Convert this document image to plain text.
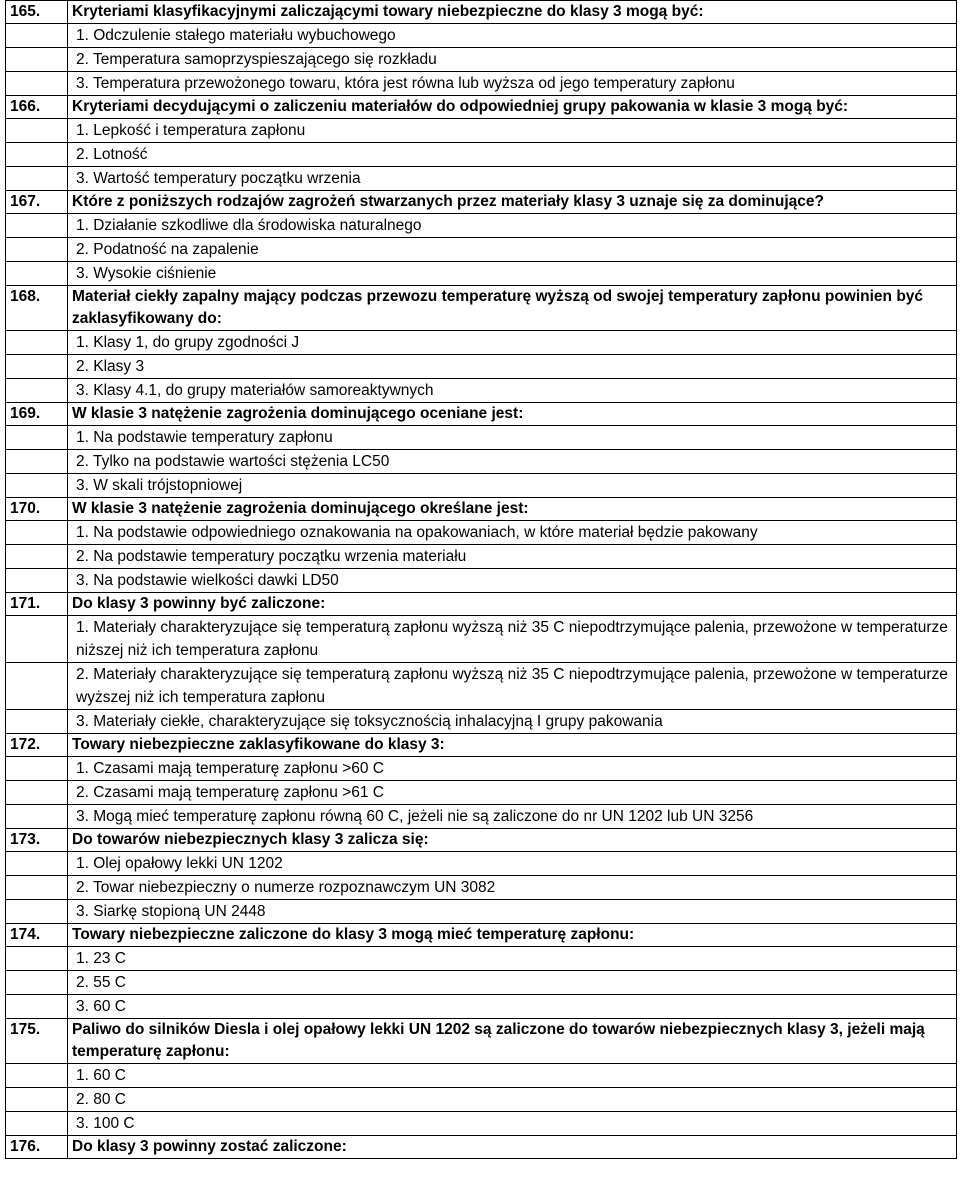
165.	Kryteriami klasyfikacyjnymi zaliczającymi towary niebezpieczne do klasy 3 mogą być:
	1. Odczulenie stałego materiału wybuchowego
	2. Temperatura samoprzyspieszającego się rozkładu
	3. Temperatura przewożonego towaru, która jest równa lub wyższa od jego temperatury zapłonu
166.	Kryteriami decydującymi o zaliczeniu materiałów do odpowiedniej grupy pakowania w klasie 3 mogą być:
	1. Lepkość i temperatura zapłonu
	2. Lotność
	3. Wartość temperatury początku wrzenia
167.	Które z poniższych rodzajów zagrożeń stwarzanych przez materiały klasy 3 uznaje się za dominujące?
	1. Działanie szkodliwe dla środowiska naturalnego
	2. Podatność na zapalenie
	3. Wysokie ciśnienie
168.	Materiał ciekły zapalny mający podczas przewozu temperaturę wyższą od swojej temperatury zapłonu powinien być zaklasyfikowany do:
	1. Klasy 1, do grupy zgodności J
	2. Klasy 3
	3. Klasy 4.1, do grupy materiałów samoreaktywnych
169.	W klasie 3 natężenie zagrożenia dominującego oceniane jest:
	1. Na podstawie temperatury zapłonu
	2. Tylko na podstawie wartości stężenia LC50
	3. W skali trójstopniowej
170.	W klasie 3 natężenie zagrożenia dominującego określane jest:
	1. Na podstawie odpowiedniego oznakowania na opakowaniach, w które materiał będzie pakowany
	2. Na podstawie temperatury początku wrzenia materiału
	3. Na podstawie wielkości dawki LD50
171.	Do klasy 3 powinny być zaliczone:
	1. Materiały charakteryzujące się temperaturą zapłonu wyższą niż 35 C niepodtrzymujące palenia, przewożone w temperaturze niższej niż ich temperatura zapłonu
	2. Materiały charakteryzujące się temperaturą zapłonu wyższą niż 35 C niepodtrzymujące palenia, przewożone w temperaturze wyższej niż ich temperatura zapłonu
	3. Materiały ciekłe, charakteryzujące się toksycznością inhalacyjną I grupy pakowania
172.	Towary niebezpieczne zaklasyfikowane do klasy 3:
	1. Czasami mają temperaturę zapłonu >60 C
	2. Czasami mają temperaturę zapłonu >61 C
	3. Mogą mieć temperaturę zapłonu równą 60 C, jeżeli nie są zaliczone do nr UN 1202 lub UN 3256
173.	Do towarów niebezpiecznych klasy 3 zalicza się:
	1. Olej opałowy lekki UN 1202
	2. Towar niebezpieczny o numerze rozpoznawczym UN 3082
	3. Siarkę stopioną UN 2448
174.	Towary niebezpieczne zaliczone do klasy 3 mogą mieć temperaturę zapłonu:
	1. 23 C
	2. 55 C
	3. 60 C
175.	Paliwo do silników Diesla i olej opałowy lekki UN 1202 są zaliczone do towarów niebezpiecznych klasy 3, jeżeli mają temperaturę zapłonu:
	1. 60 C
	2. 80 C
	3. 100 C
176.	Do klasy 3 powinny zostać zaliczone:
